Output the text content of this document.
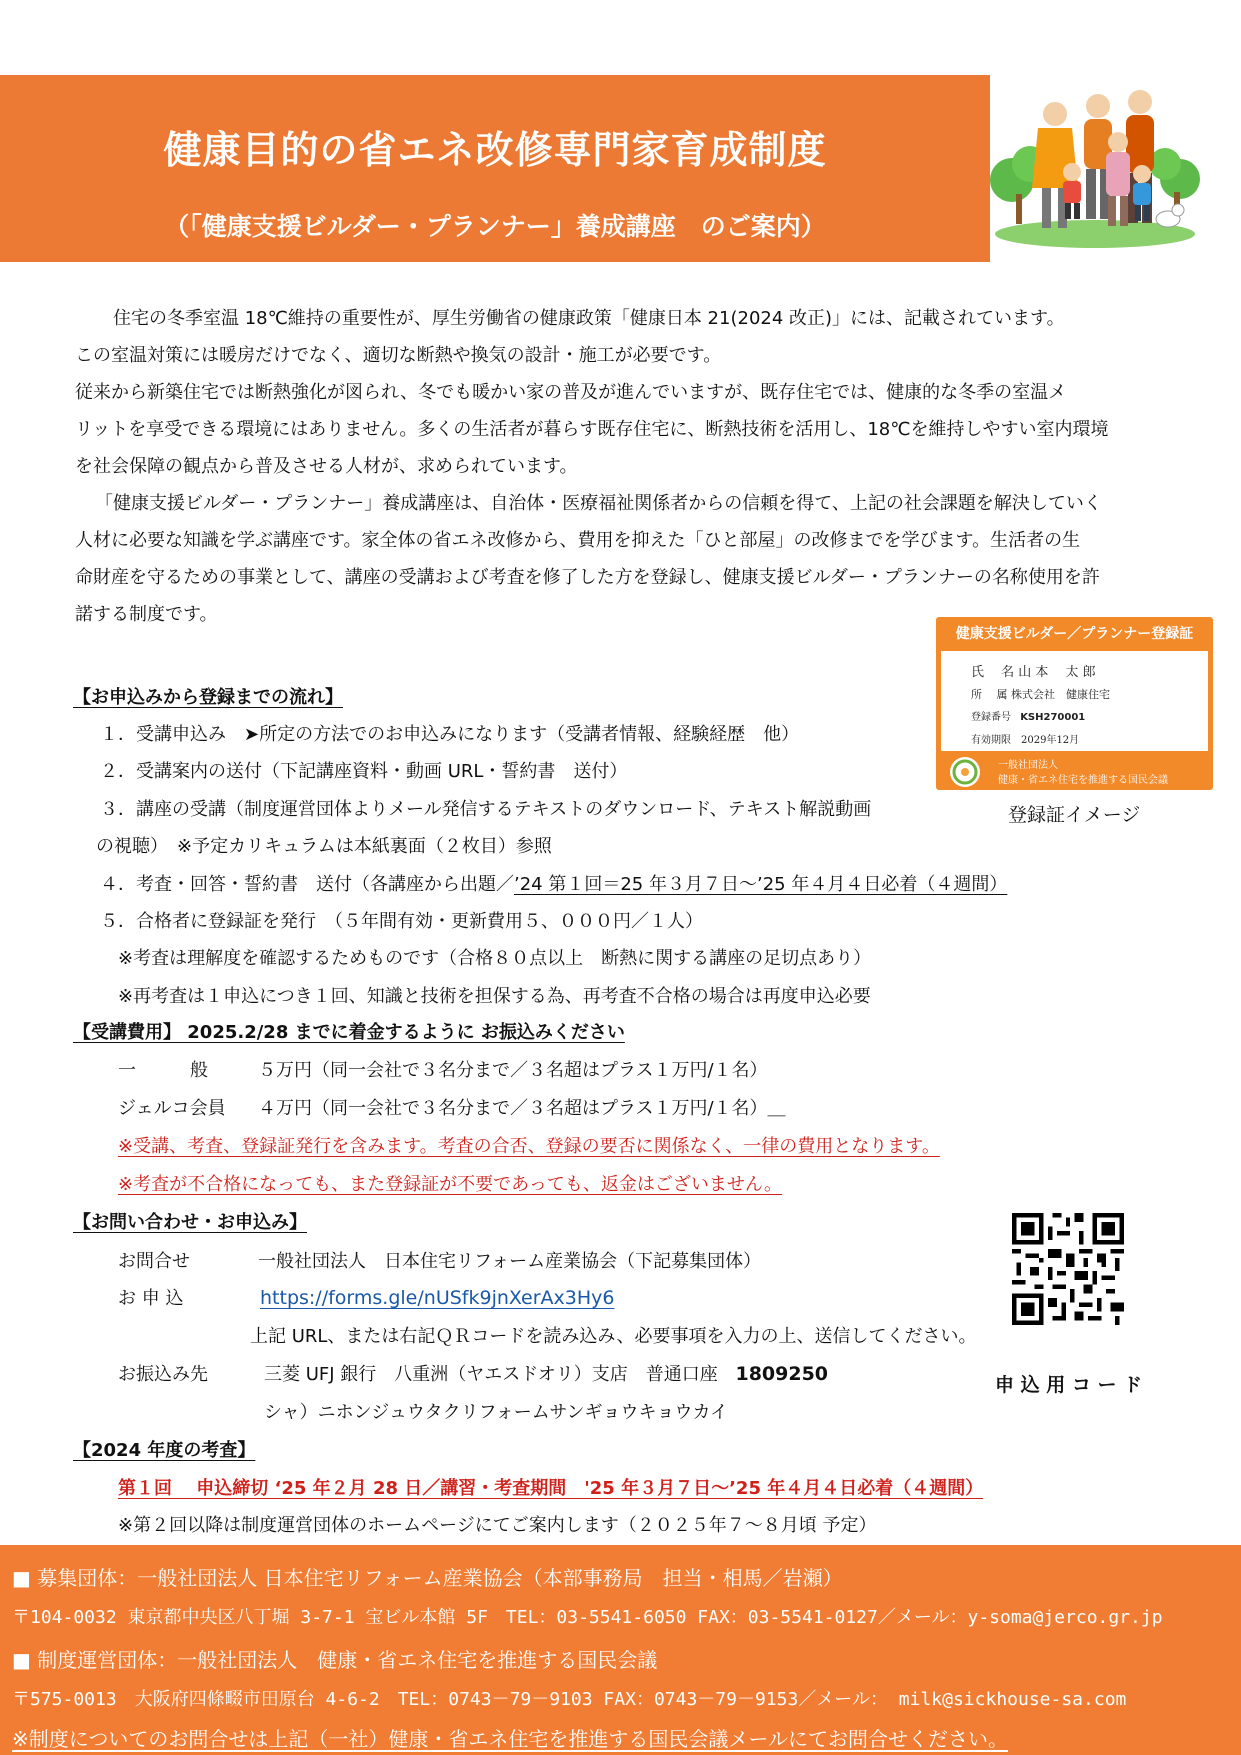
健康目的の省エネ改修専門家育成制度
（「健康支援ビルダー・プランナー」養成講座　のご案内）
　住宅の冬季室温 18℃維持の重要性が、厚生労働省の健康政策「健康日本 21(2024 改正)」には、記載されています。
この室温対策には暖房だけでなく、適切な断熱や換気の設計・施工が必要です。
従来から新築住宅では断熱強化が図られ、冬でも暖かい家の普及が進んでいますが、既存住宅では、健康的な冬季の室温メ
リットを享受できる環境にはありません。多くの生活者が暮らす既存住宅に、断熱技術を活用し、18℃を維持しやすい室内環境
を社会保障の観点から普及させる人材が、求められています。
「健康支援ビルダー・プランナー」養成講座は、自治体・医療福祉関係者からの信頼を得て、上記の社会課題を解決していく
人材に必要な知識を学ぶ講座です。家全体の省エネ改修から、費用を抑えた「ひと部屋」の改修までを学びます。生活者の生
命財産を守るための事業として、講座の受講および考査を修了した方を登録し、健康支援ビルダー・プランナーの名称使用を許
諾する制度です。
健康支援ビルダー／プランナー登録証
氏　 名 山 本　 太 郎
所　 属 株式会社　健康住宅
登録番号 KSH270001
有効期限　2029年12月
一般社団法人
健康・省エネ住宅を推進する国民会議
登録証イメージ
【お申込みから登録までの流れ】
１．受講申込み　➤所定の方法でのお申込みになります（受講者情報、経験経歴　他）
２．受講案内の送付（下記講座資料・動画 URL・誓約書　送付）
３．講座の受講（制度運営団体よりメール発信するテキストのダウンロード、テキスト解説動画
の視聴）　※予定カリキュラムは本紙裏面（２枚目）参照
４．考査・回答・誓約書　送付（各講座から出題／’24 第１回＝25 年３月７日～’25 年４月４日必着（４週間）
５．合格者に登録証を発行　（５年間有効・更新費用５、０００円／１人）
※考査は理解度を確認するためものです（合格８０点以上　断熱に関する講座の足切点あり）
※再考査は１申込につき１回、知識と技術を担保する為、再考査不合格の場合は再度申込必要
【受講費用】 2025.2/28 までに着金するように お振込みください
一　　　般	５万円（同一会社で３名分まで／３名超はプラス１万円/１名）
ジェルコ会員 ４万円（同一会社で３名分まで／３名超はプラス１万円/１名）＿
※受講、考査、登録証発行を含みます。考査の合否、登録の要否に関係なく、一律の費用となります。
※考査が不合格になっても、また登録証が不要であっても、返金はございません。
【お問い合わせ・お申込み】
お問合せ	一般社団法人　日本住宅リフォーム産業協会（下記募集団体）
お 申 込	https://forms.gle/nUSfk9jnXerAx3Hy6
上記 URL、または右記ＱＲコードを読み込み、必要事項を入力の上、送信してください。
お振込み先	三菱 UFJ 銀行　八重洲（ヤエスドオリ）支店　普通口座 1809250
シャ）ニホンジュウタクリフォームサンギョウキョウカイ
申 込 用 コ ー ド
【2024 年度の考査】
第１回　 申込締切 ‘25 年２月 28 日／講習・考査期間　'25 年３月７日～’25 年４月４日必着（４週間）
※第２回以降は制度運営団体のホームページにてご案内します（２０２５年７～８月頃 予定）
■ 募集団体：一般社団法人 日本住宅リフォーム産業協会（本部事務局　担当・相馬／岩瀬）
〒104-0032 東京都中央区八丁堀 3-7-1 宝ビル本館 5F　TEL：03-5541-6050 FAX：03-5541-0127／メール：y-soma@jerco.gr.jp
■ 制度運営団体：一般社団法人　健康・省エネ住宅を推進する国民会議
〒575-0013　大阪府四條畷市田原台 4-6-2　TEL：0743－79－9103 FAX：0743－79－9153／メール： milk@sickhouse-sa.com
※制度についてのお問合せは上記（一社）健康・省エネ住宅を推進する国民会議メールにてお問合せください。
